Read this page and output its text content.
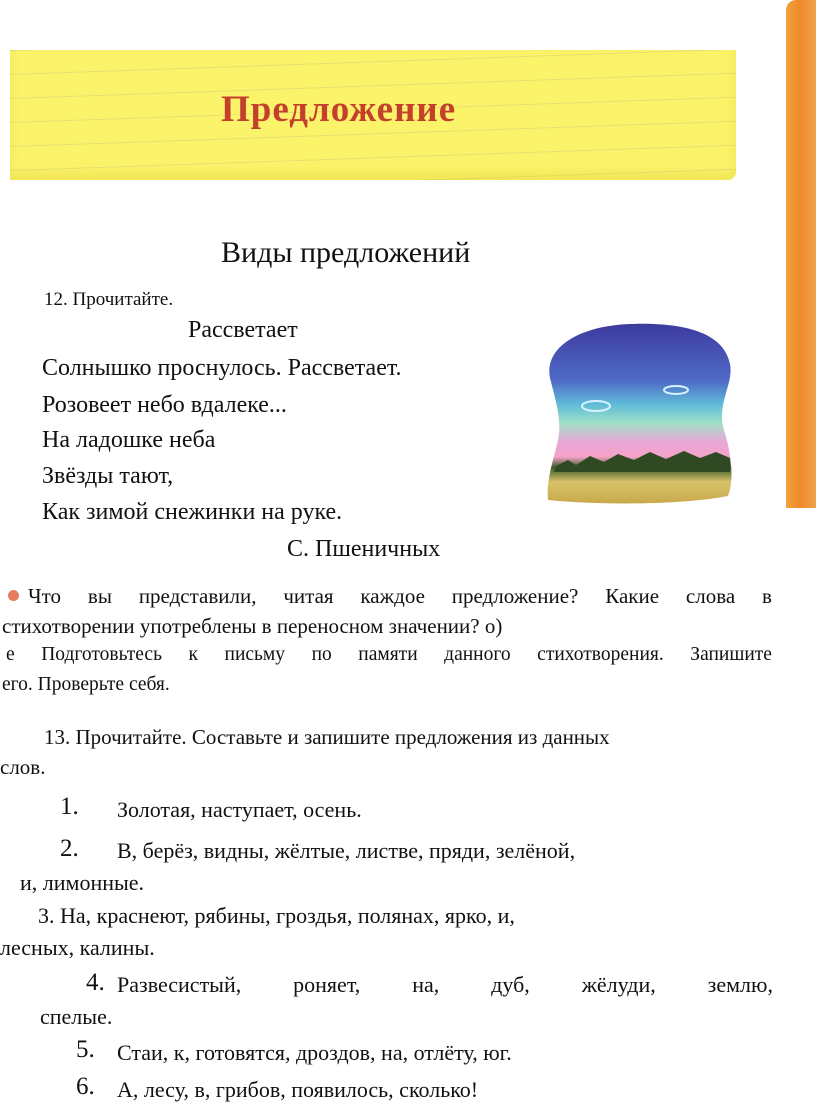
Предложение
Виды предложений
12. Прочитайте.
Рассветает
Солнышко проснулось. Рассветает.
Розовеет небо вдалеке...
На ладошке неба
Звёзды тают,
Как зимой снежинки на руке.
С. Пшеничных
Что вы представили, читая каждое предложение? Какие слова в
стихотворении употреблены в переносном значении? о)
е Подготовьтесь к письму по памяти данного стихотворения. Запишите
его. Проверьте себя.
13. Прочитайте. Составьте и запишите предложения из данных
слов.
1. Золотая, наступает, осень.
2. В, берёз, видны, жёлтые, листве, пряди, зелёной,
и, лимонные.
3. На, краснеют, рябины, гроздья, полянах, ярко, и,
лесных, калины.
4. Развесистый, роняет, на, дуб, жёлуди, землю,
спелые.
5. Стаи, к, готовятся, дроздов, на, отлёту, юг.
6. А, лесу, в, грибов, появилось, сколько!
